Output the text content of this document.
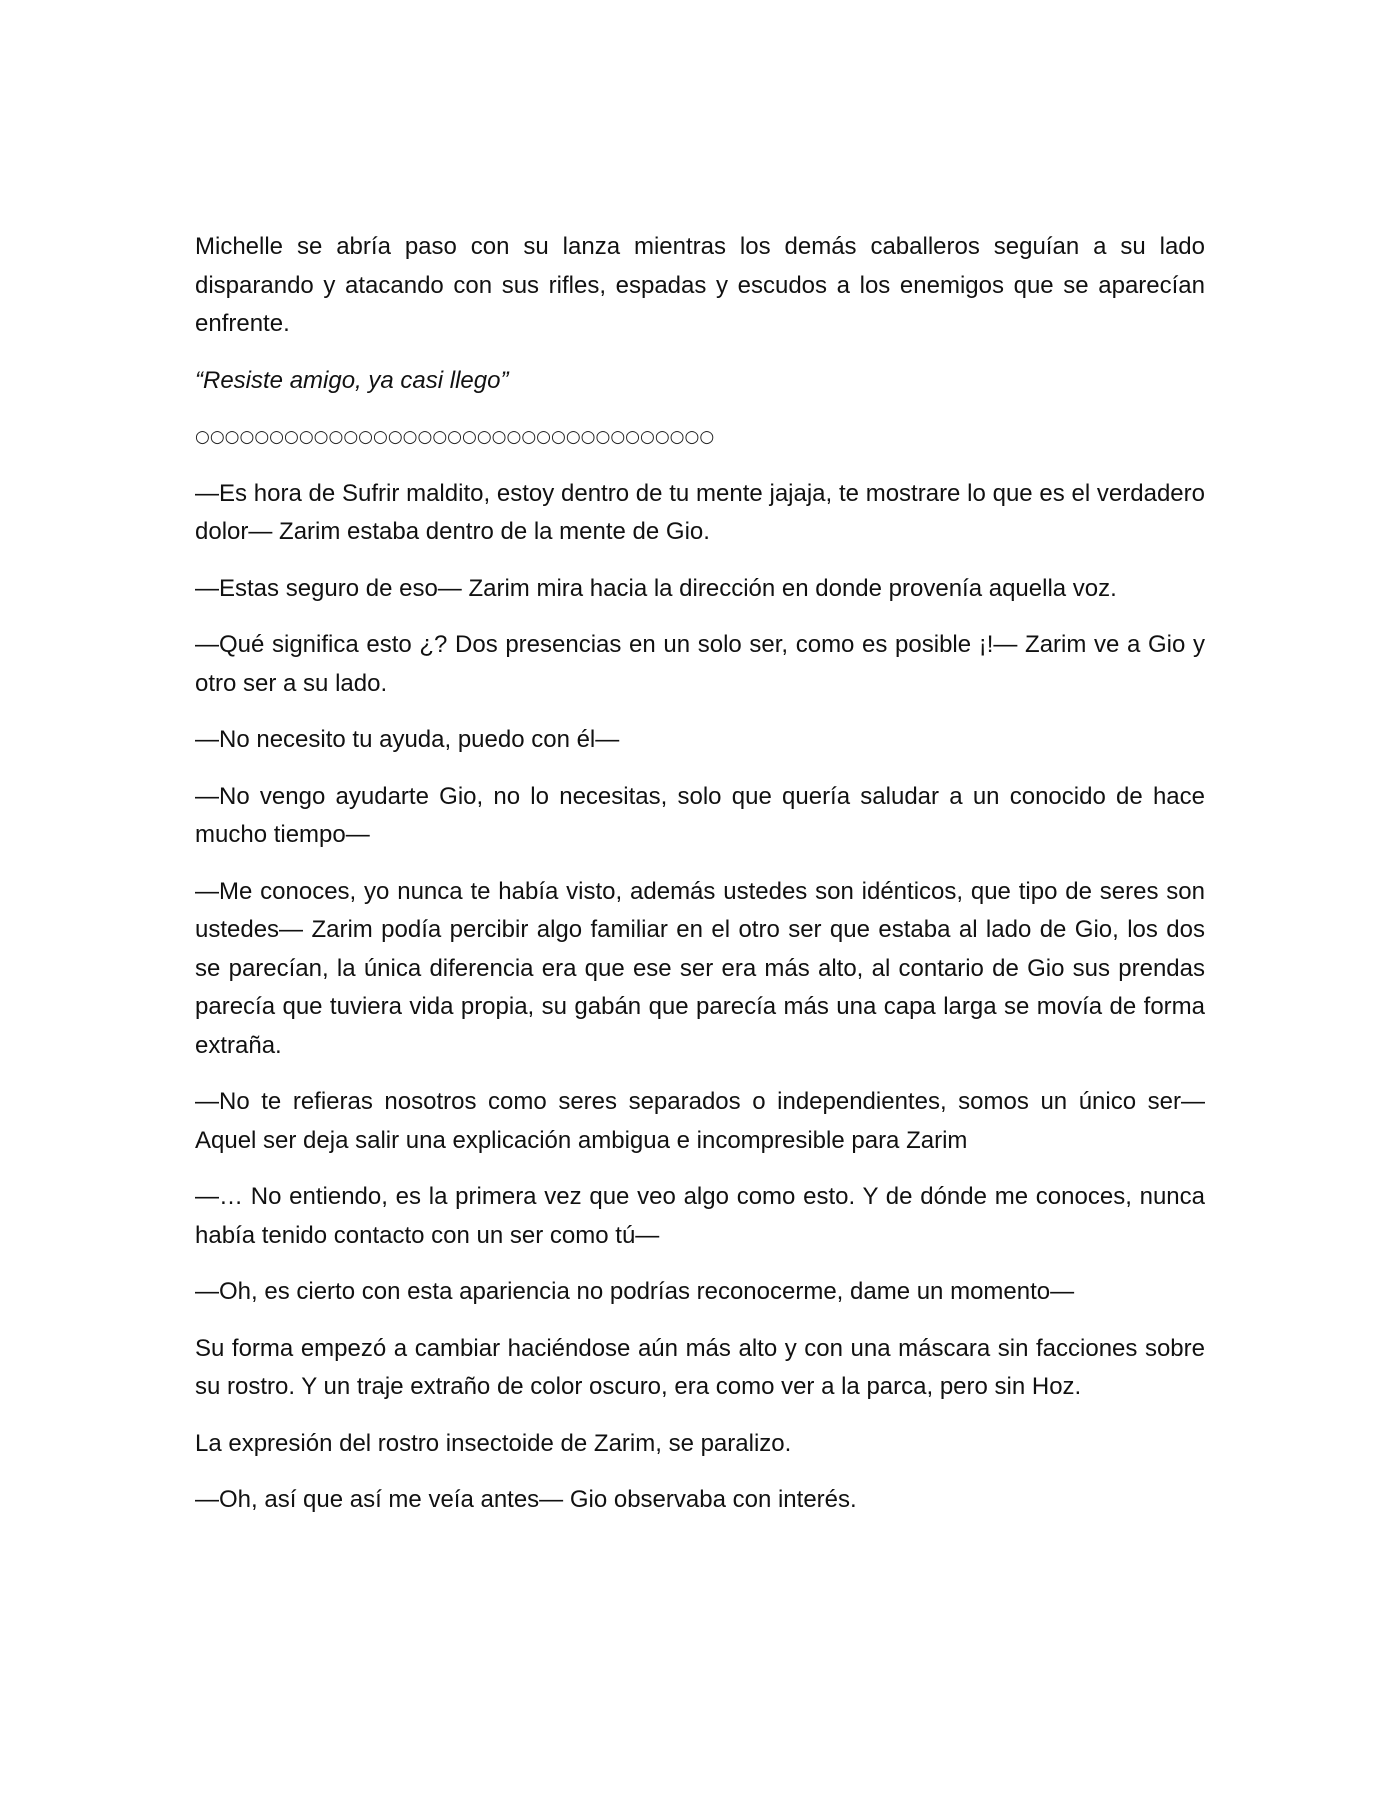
Michelle se abría paso con su lanza mientras los demás caballeros seguían a su lado disparando y atacando con sus rifles, espadas y escudos a los enemigos que se aparecían enfrente.

“Resiste amigo, ya casi llego”

○○○○○○○○○○○○○○○○○○○○○○○○○○○○○○○○○○○

—Es hora de Sufrir maldito, estoy dentro de tu mente jajaja, te mostrare lo que es el verdadero dolor— Zarim estaba dentro de la mente de Gio.

—Estas seguro de eso— Zarim mira hacia la dirección en donde provenía aquella voz.

—Qué significa esto ¿? Dos presencias en un solo ser, como es posible ¡!— Zarim ve a Gio y otro ser a su lado.

—No necesito tu ayuda, puedo con él—

—No vengo ayudarte Gio, no lo necesitas, solo que quería saludar a un conocido de hace mucho tiempo—

—Me conoces, yo nunca te había visto, además ustedes son idénticos, que tipo de seres son ustedes— Zarim podía percibir algo familiar en el otro ser que estaba al lado de Gio, los dos se parecían, la única diferencia era que ese ser era más alto, al contario de Gio sus prendas parecía que tuviera vida propia, su gabán que parecía más una capa larga se movía de forma extraña.

—No te refieras nosotros como seres separados o independientes, somos un único ser— Aquel ser deja salir una explicación ambigua e incompresible para Zarim

—… No entiendo, es la primera vez que veo algo como esto. Y de dónde me conoces, nunca había tenido contacto con un ser como tú—

—Oh, es cierto con esta apariencia no podrías reconocerme, dame un momento—

Su forma empezó a cambiar haciéndose aún más alto y con una máscara sin facciones sobre su rostro. Y un traje extraño de color oscuro, era como ver a la parca, pero sin Hoz.

La expresión del rostro insectoide de Zarim, se paralizo.

—Oh, así que así me veía antes— Gio observaba con interés.
